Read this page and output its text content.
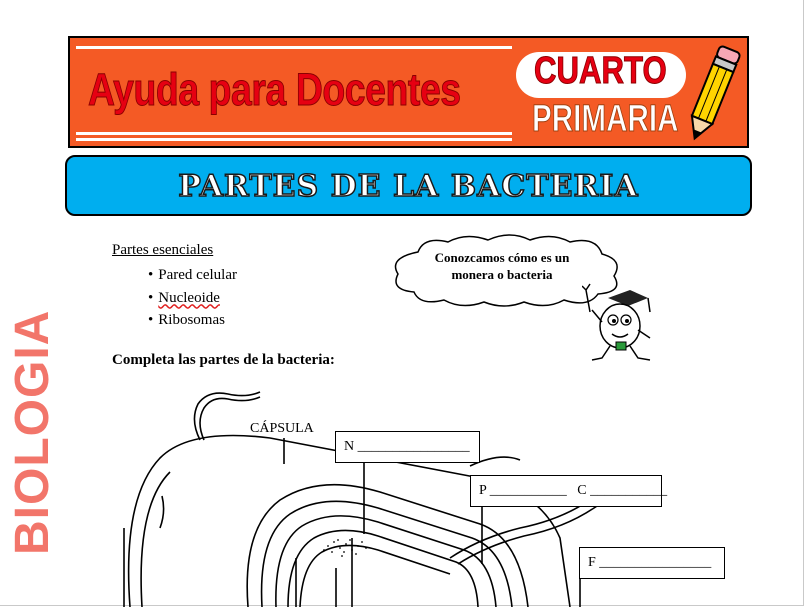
Ayuda para Docentes CUARTO
PRIMARIA
PARTES DE LA BACTERIA
BIOLOGIA
Partes esenciales
• Pared celular
• Nucleoide
• Ribosomas
Conozcamos cómo es un
monera o bacteria
Completa las partes de la bacteria:
CÁPSULA
N ________________
P ___________ C ___________
F ________________
